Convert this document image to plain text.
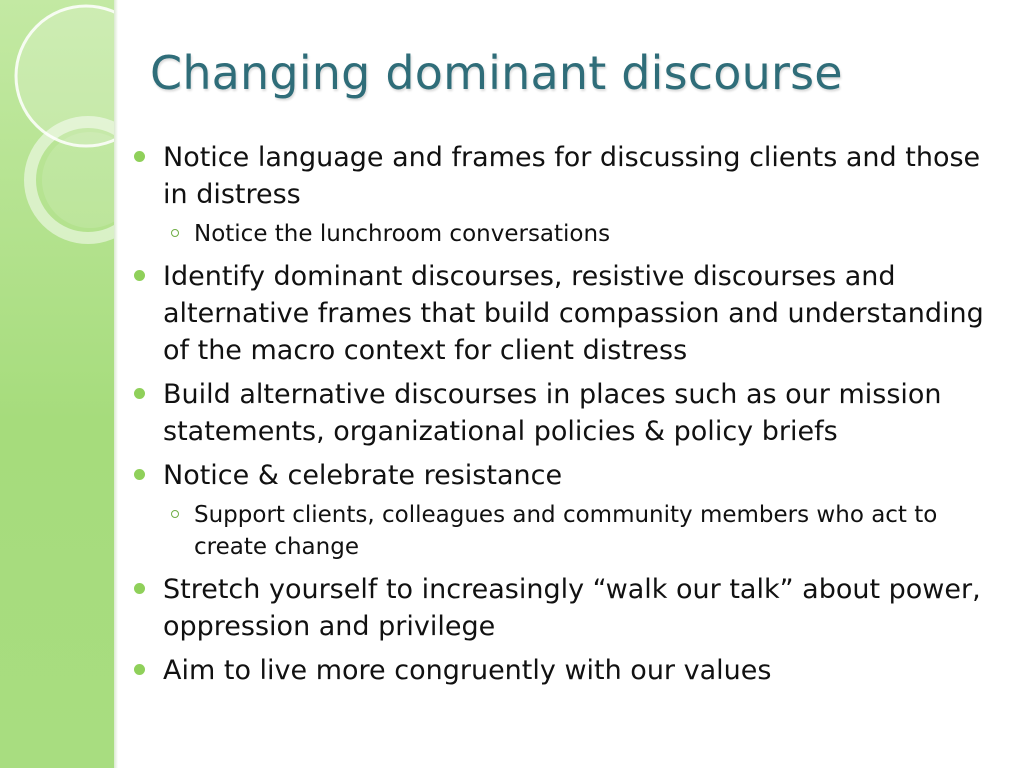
Changing dominant discourse
Notice language and frames for discussing clients and those in distress
Notice the lunchroom conversations
Identify dominant discourses, resistive discourses and alternative frames that build compassion and understanding of the macro context for client distress
Build alternative discourses in places such as our mission statements, organizational policies & policy briefs
Notice & celebrate resistance
Support clients, colleagues and community members who act to create change
Stretch yourself to increasingly “walk our talk” about power, oppression and privilege
Aim to live more congruently with our values
